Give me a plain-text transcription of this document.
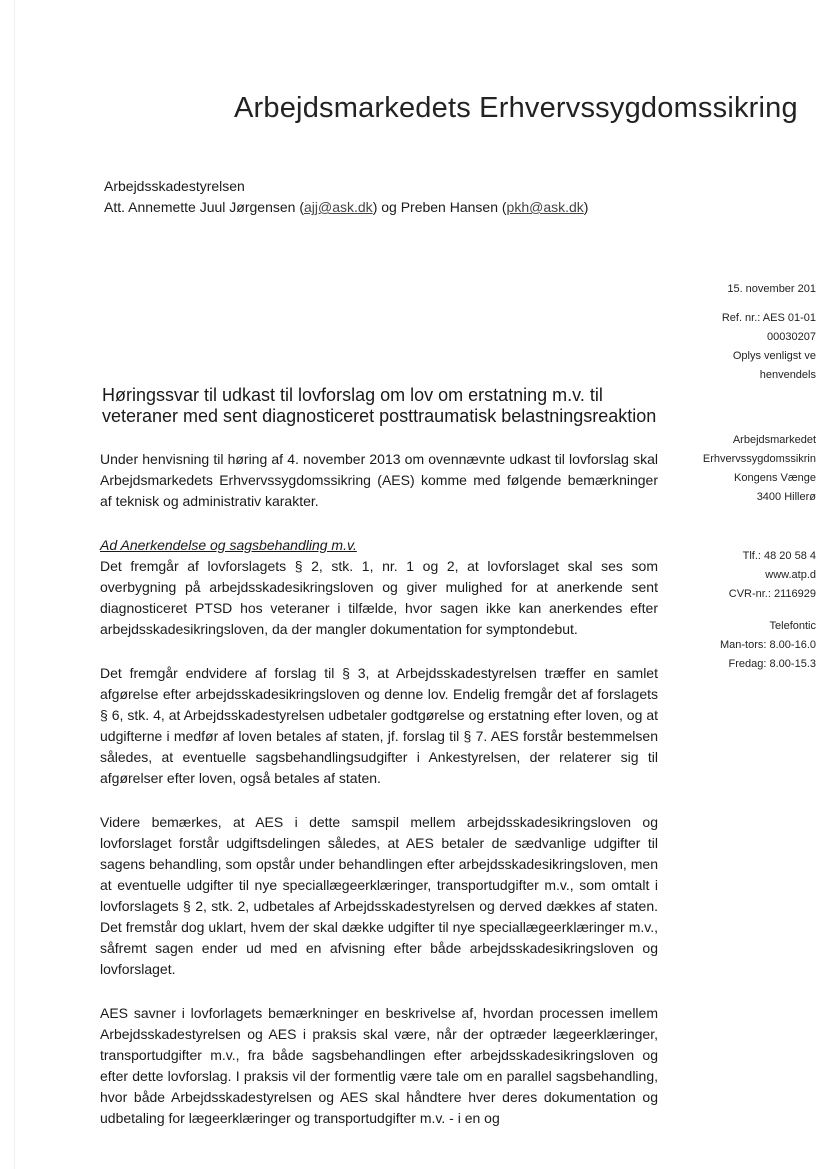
Arbejdsmarkedets Erhvervssygdomssikring
Arbejdsskadestyrelsen
Att. Annemette Juul Jørgensen (ajj@ask.dk) og Preben Hansen (pkh@ask.dk)
15. november 201
Ref. nr.: AES 01-01
00030207
Oplys venligst ve
henvendels
Arbejdsmarkedet
Erhvervssygdomssikrin
Kongens Vænge
3400 Hillerø
Tlf.: 48 20 58 4
www.atp.d
CVR-nr.: 2116929
Telefontic
Man-tors: 8.00-16.0
Fredag: 8.00-15.3
Høringssvar til udkast til lovforslag om lov om erstatning m.v. til veteraner med sent diagnosticeret posttraumatisk belastningsreaktion

Under henvisning til høring af 4. november 2013 om ovennævnte udkast til lovforslag skal Arbejdsmarkedets Erhvervssygdomssikring (AES) komme med følgende bemærkninger af teknisk og administrativ karakter.

Ad Anerkendelse og sagsbehandling m.v.

Det fremgår af lovforslagets § 2, stk. 1, nr. 1 og 2, at lovforslaget skal ses som overbygning på arbejdsskadesikringsloven og giver mulighed for at anerkende sent diagnosticeret PTSD hos veteraner i tilfælde, hvor sagen ikke kan anerkendes efter arbejdsskadesikringsloven, da der mangler dokumentation for symptondebut.

Det fremgår endvidere af forslag til § 3, at Arbejdsskadestyrelsen træffer en samlet afgørelse efter arbejdsskadesikringsloven og denne lov. Endelig fremgår det af forslagets § 6, stk. 4, at Arbejdsskadestyrelsen udbetaler godtgørelse og erstatning efter loven, og at udgifterne i medfør af loven betales af staten, jf. forslag til § 7. AES forstår bestemmelsen således, at eventuelle sagsbehandlingsudgifter i Ankestyrelsen, der relaterer sig til afgørelser efter loven, også betales af staten.

Videre bemærkes, at AES i dette samspil mellem arbejdsskadesikringsloven og lovforslaget forstår udgiftsdelingen således, at AES betaler de sædvanlige udgifter til sagens behandling, som opstår under behandlingen efter arbejdsskadesikringsloven, men at eventuelle udgifter til nye speciallægeerklæringer, transportudgifter m.v., som omtalt i lovforslagets § 2, stk. 2, udbetales af Arbejdsskadestyrelsen og derved dækkes af staten. Det fremstår dog uklart, hvem der skal dække udgifter til nye speciallægeerklæringer m.v., såfremt sagen ender ud med en afvisning efter både arbejdsskadesikringsloven og lovforslaget.

AES savner i lovforlagets bemærkninger en beskrivelse af, hvordan processen imellem Arbejdsskadestyrelsen og AES i praksis skal være, når der optræder lægeerklæringer, transportudgifter m.v., fra både sagsbehandlingen efter arbejdsskadesikringsloven og efter dette lovforslag. I praksis vil der formentlig være tale om en parallel sagsbehandling, hvor både Arbejdsskadestyrelsen og AES skal håndtere hver deres dokumentation og udbetaling for lægeerklæringer og transportudgifter m.v. - i en og
